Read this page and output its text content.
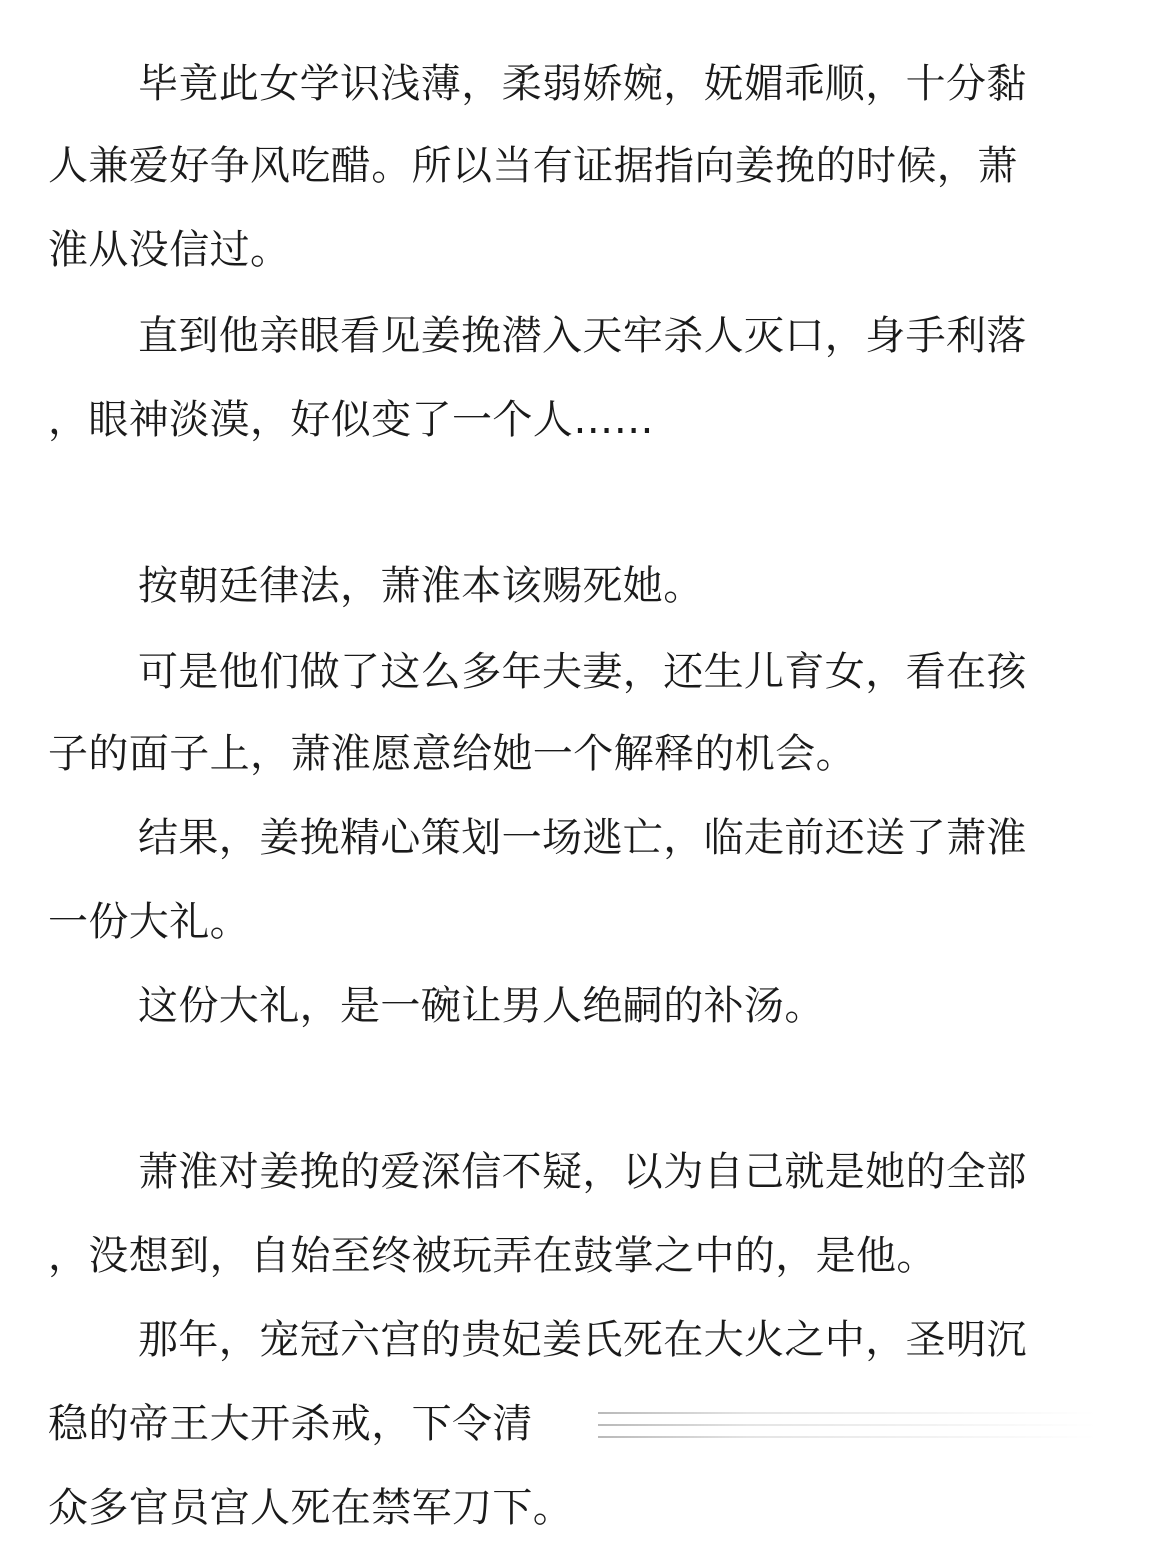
毕竟此女学识浅薄，柔弱娇婉，妩媚乖顺，十分黏
人兼爱好争风吃醋。所以当有证据指向姜挽的时候，萧
淮从没信过。
直到他亲眼看见姜挽潜入天牢杀人灭口，身手利落
，眼神淡漠，好似变了一个人……
按朝廷律法，萧淮本该赐死她。
可是他们做了这么多年夫妻，还生儿育女，看在孩
子的面子上，萧淮愿意给她一个解释的机会。
结果，姜挽精心策划一场逃亡，临走前还送了萧淮
一份大礼。
这份大礼，是一碗让男人绝嗣的补汤。
萧淮对姜挽的爱深信不疑，以为自己就是她的全部
，没想到，自始至终被玩弄在鼓掌之中的，是他。
那年，宠冠六宫的贵妃姜氏死在大火之中，圣明沉
稳的帝王大开杀戒，下令清
众多官员宫人死在禁军刀下。
